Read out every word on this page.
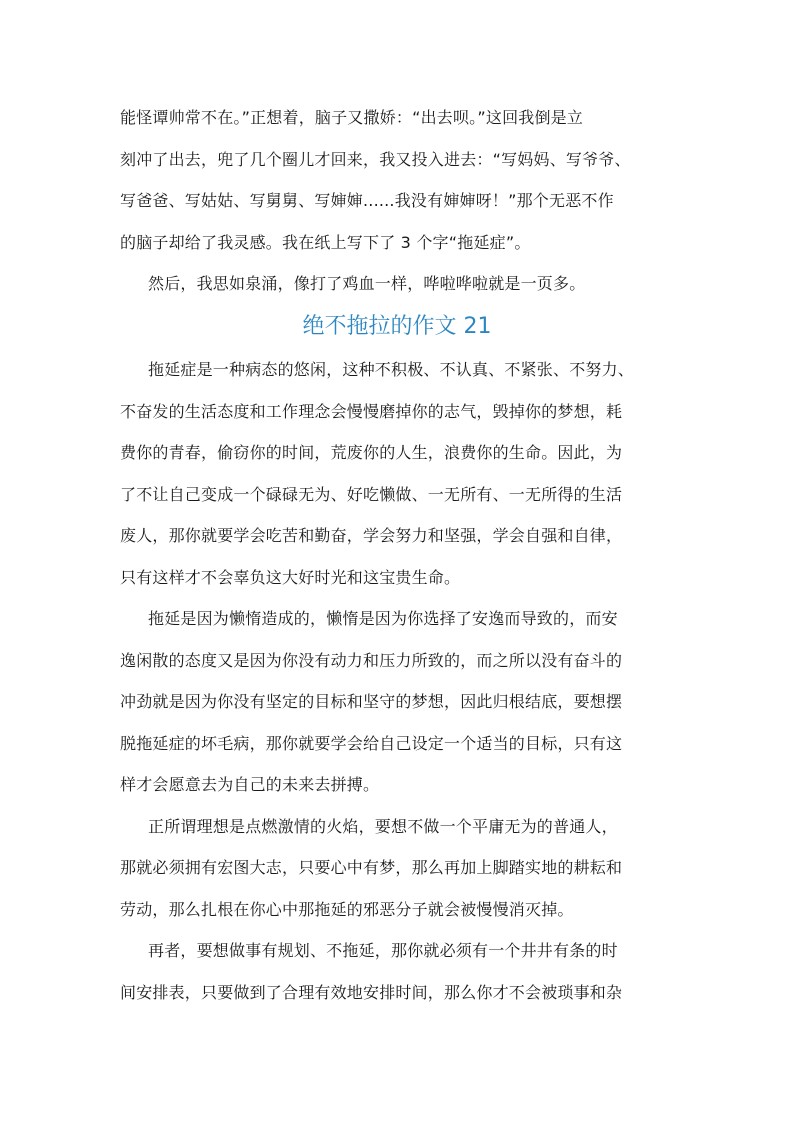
能怪谭帅常不在。”正想着，脑子又撒娇：“出去呗。”这回我倒是立
刻冲了出去，兜了几个圈儿才回来，我又投入进去：“写妈妈、写爷爷、
写爸爸、写姑姑、写舅舅、写婶婶......我没有婶婶呀！”那个无恶不作
的脑子却给了我灵感。我在纸上写下了 3 个字“拖延症”。
然后，我思如泉涌，像打了鸡血一样，哗啦哗啦就是一页多。
绝不拖拉的作文 21
拖延症是一种病态的悠闲，这种不积极、不认真、不紧张、不努力、
不奋发的生活态度和工作理念会慢慢磨掉你的志气，毁掉你的梦想，耗
费你的青春，偷窃你的时间，荒废你的人生，浪费你的生命。因此，为
了不让自己变成一个碌碌无为、好吃懒做、一无所有、一无所得的生活
废人，那你就要学会吃苦和勤奋，学会努力和坚强，学会自强和自律，
只有这样才不会辜负这大好时光和这宝贵生命。
拖延是因为懒惰造成的，懒惰是因为你选择了安逸而导致的，而安
逸闲散的态度又是因为你没有动力和压力所致的，而之所以没有奋斗的
冲劲就是因为你没有坚定的目标和坚守的梦想，因此归根结底，要想摆
脱拖延症的坏毛病，那你就要学会给自己设定一个适当的目标，只有这
样才会愿意去为自己的未来去拼搏。
正所谓理想是点燃激情的火焰，要想不做一个平庸无为的普通人，
那就必须拥有宏图大志，只要心中有梦，那么再加上脚踏实地的耕耘和
劳动，那么扎根在你心中那拖延的邪恶分子就会被慢慢消灭掉。
再者，要想做事有规划、不拖延，那你就必须有一个井井有条的时
间安排表，只要做到了合理有效地安排时间，那么你才不会被琐事和杂
